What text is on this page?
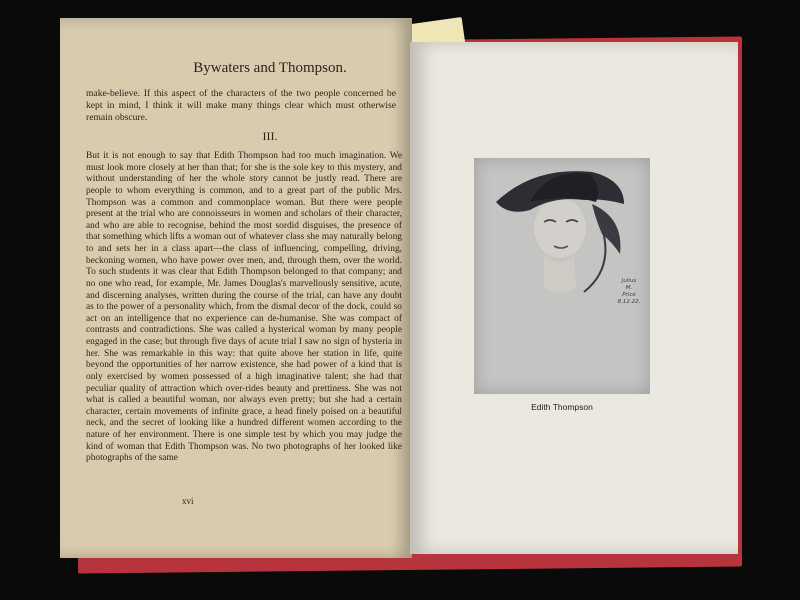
Bywaters and Thompson.

make-believe. If this aspect of the characters of the two people concerned be kept in mind, I think it will make many things clear which must otherwise remain obscure.

III.

But it is not enough to say that Edith Thompson had too much imagination. We must look more closely at her than that; for she is the sole key to this mystery, and without understanding of her the whole story cannot be justly read. There are people to whom everything is common, and to a great part of the public Mrs. Thompson was a common and commonplace woman. But there were people present at the trial who are connoisseurs in women and scholars of their character, and who are able to recognise, behind the most sordid disguises, the presence of that something which lifts a woman out of whatever class she may naturally belong to and sets her in a class apart—the class of influencing, compelling, driving, beckoning women, who have power over men, and, through them, over the world. To such students it was clear that Edith Thompson belonged to that company; and no one who read, for example, Mr. James Douglas's marvellously sensitive, acute, and discerning analyses, written during the course of the trial, can have any doubt as to the power of a personality which, from the dismal decor of the dock, could so act on an intelligence that no experience can de-humanise. She was compact of contrasts and contradictions. She was called a hysterical woman by many people engaged in the case; but through five days of acute trial I saw no sign of hysteria in her. She was remarkable in this way: that quite above her station in life, quite beyond the opportunities of her narrow existence, she had power of a kind that is only exercised by women possessed of a high imaginative talent; she had that peculiar quality of attraction which over-rides beauty and prettiness. She was not what is called a beautiful woman, nor always even pretty; but she had a certain character, certain movements of infinite grace, a head finely poised on a beautiful neck, and the secret of looking like a hundred different women according to the nature of her environment. There is one simple test by which you may judge the kind of woman that Edith Thompson was. No two photographs of her looked like photographs of the same

xvi

Julius
M.
Price
8.12.22.

Edith Thompson
